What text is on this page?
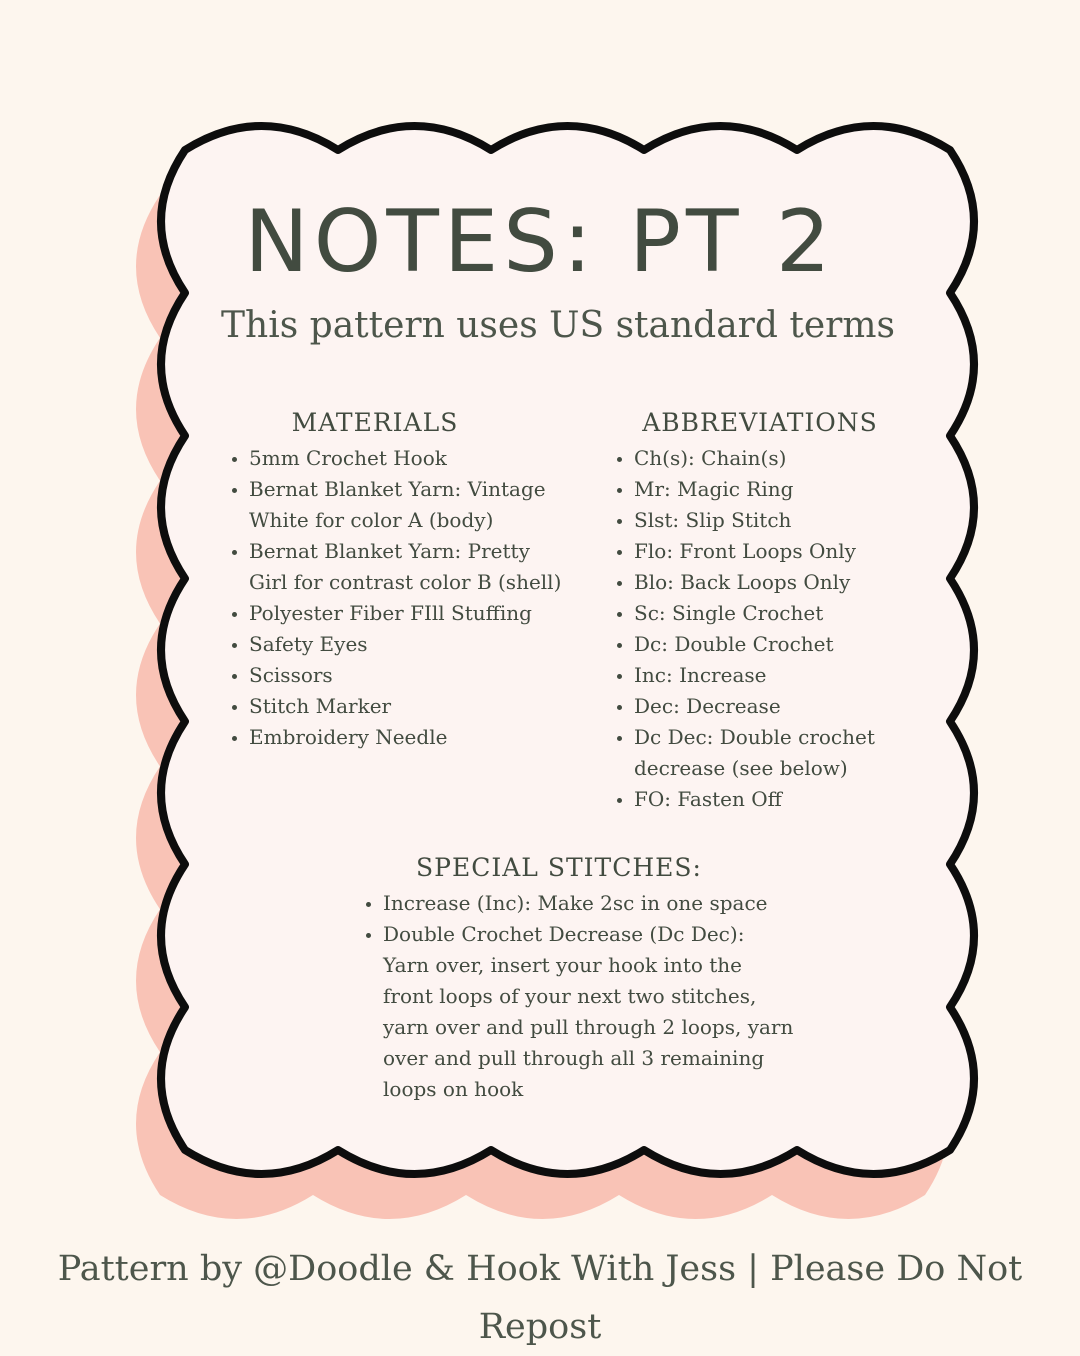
NOTES: PT 2

This pattern uses US standard terms

MATERIALS
• 5mm Crochet Hook
• Bernat Blanket Yarn: Vintage White for color A (body)
• Bernat Blanket Yarn: Pretty Girl for contrast color B (shell)
• Polyester Fiber FIll Stuffing
• Safety Eyes
• Scissors
• Stitch Marker
• Embroidery Needle
ABBREVIATIONS
• Ch(s): Chain(s)
• Mr: Magic Ring
• Slst: Slip Stitch
• Flo: Front Loops Only
• Blo: Back Loops Only
• Sc: Single Crochet
• Dc: Double Crochet
• Inc: Increase
• Dec: Decrease
• Dc Dec: Double crochet decrease (see below)
• FO: Fasten Off
SPECIAL STITCHES:
• Increase (Inc): Make 2sc in one space
• Double Crochet Decrease (Dc Dec): Yarn over, insert your hook into the front loops of your next two stitches, yarn over and pull through 2 loops, yarn over and pull through all 3 remaining loops on hook

Pattern by @Doodle & Hook With Jess | Please Do Not Repost
